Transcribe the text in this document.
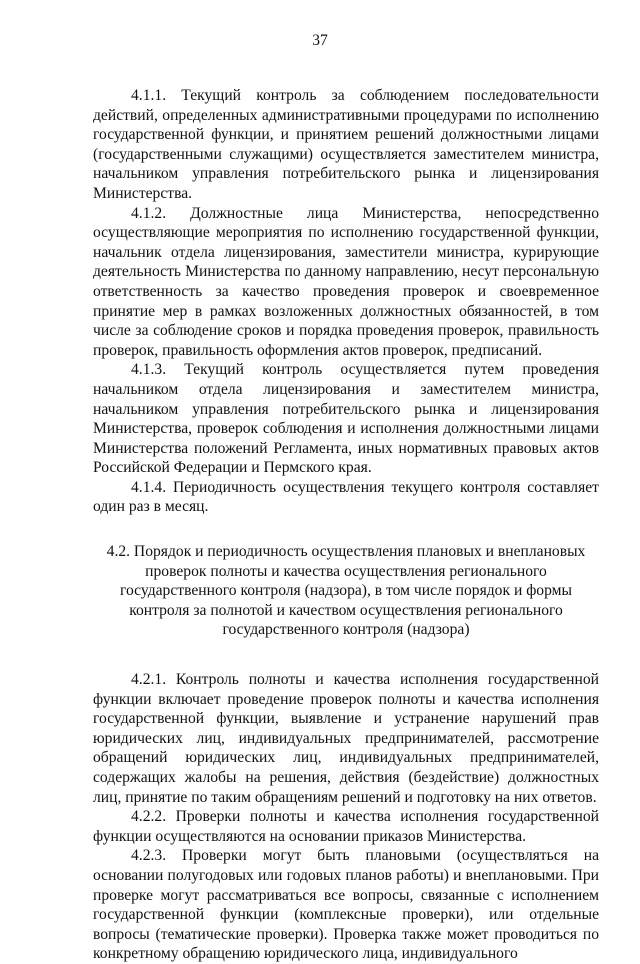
37

4.1.1. Текущий контроль за соблюдением последовательности действий, определенных административными процедурами по исполнению государственной функции, и принятием решений должностными лицами (государственными служащими) осуществляется заместителем министра, начальником управления потребительского рынка и лицензирования Министерства.

4.1.2. Должностные лица Министерства, непосредственно осуществляющие мероприятия по исполнению государственной функции, начальник отдела лицензирования, заместители министра, курирующие деятельность Министерства по данному направлению, несут персональную ответственность за качество проведения проверок и своевременное принятие мер в рамках возложенных должностных обязанностей, в том числе за соблюдение сроков и порядка проведения проверок, правильность проверок, правильность оформления актов проверок, предписаний.

4.1.3. Текущий контроль осуществляется путем проведения начальником отдела лицензирования и заместителем министра, начальником управления потребительского рынка и лицензирования Министерства, проверок соблюдения и исполнения должностными лицами Министерства положений Регламента, иных нормативных правовых актов Российской Федерации и Пермского края.

4.1.4. Периодичность осуществления текущего контроля составляет один раз в месяц.

4.2. Порядок и периодичность осуществления плановых и внеплановых проверок полноты и качества осуществления регионального государственного контроля (надзора), в том числе порядок и формы контроля за полнотой и качеством осуществления регионального государственного контроля (надзора)

4.2.1. Контроль полноты и качества исполнения государственной функции включает проведение проверок полноты и качества исполнения государственной функции, выявление и устранение нарушений прав юридических лиц, индивидуальных предпринимателей, рассмотрение обращений юридических лиц, индивидуальных предпринимателей, содержащих жалобы на решения, действия (бездействие) должностных лиц, принятие по таким обращениям решений и подготовку на них ответов.

4.2.2. Проверки полноты и качества исполнения государственной функции осуществляются на основании приказов Министерства.

4.2.3. Проверки могут быть плановыми (осуществляться на основании полугодовых или годовых планов работы) и внеплановыми. При проверке могут рассматриваться все вопросы, связанные с исполнением государственной функции (комплексные проверки), или отдельные вопросы (тематические проверки). Проверка также может проводиться по конкретному обращению юридического лица, индивидуального
